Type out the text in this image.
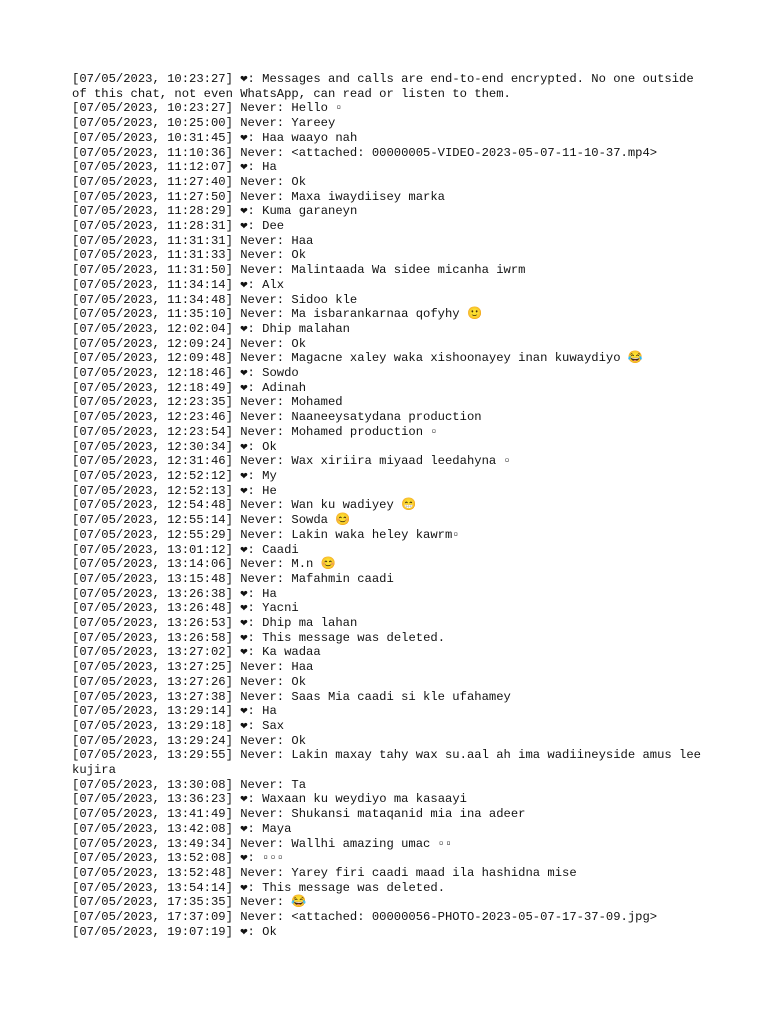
[07/05/2023, 10:23:27] ❤: Messages and calls are end-to-end encrypted. No one outside of this chat, not even WhatsApp, can read or listen to them.

[07/05/2023, 10:23:27] Never: Hello ▫

[07/05/2023, 10:25:00] Never: Yareey

[07/05/2023, 10:31:45] ❤: Haa waayo nah

[07/05/2023, 11:10:36] Never: <attached: 00000005-VIDEO-2023-05-07-11-10-37.mp4>

[07/05/2023, 11:12:07] ❤: Ha

[07/05/2023, 11:27:40] Never: Ok

[07/05/2023, 11:27:50] Never: Maxa iwaydiisey marka

[07/05/2023, 11:28:29] ❤: Kuma garaneyn

[07/05/2023, 11:28:31] ❤: Dee

[07/05/2023, 11:31:31] Never: Haa

[07/05/2023, 11:31:33] Never: Ok

[07/05/2023, 11:31:50] Never: Malintaada Wa sidee micanha iwrm

[07/05/2023, 11:34:14] ❤: Alx

[07/05/2023, 11:34:48] Never: Sidoo kle

[07/05/2023, 11:35:10] Never: Ma isbarankarnaa qofyhy 🙂

[07/05/2023, 12:02:04] ❤: Dhip malahan

[07/05/2023, 12:09:24] Never: Ok

[07/05/2023, 12:09:48] Never: Magacne xaley waka xishoonayey inan kuwaydiyo 😂

[07/05/2023, 12:18:46] ❤: Sowdo

[07/05/2023, 12:18:49] ❤: Adinah

[07/05/2023, 12:23:35] Never: Mohamed

[07/05/2023, 12:23:46] Never: Naaneeysatydana production

[07/05/2023, 12:23:54] Never: Mohamed production ▫

[07/05/2023, 12:30:34] ❤: Ok

[07/05/2023, 12:31:46] Never: Wax xiriira miyaad leedahyna ▫

[07/05/2023, 12:52:12] ❤: My

[07/05/2023, 12:52:13] ❤: He

[07/05/2023, 12:54:48] Never: Wan ku wadiyey 😁

[07/05/2023, 12:55:14] Never: Sowda 😊

[07/05/2023, 12:55:29] Never: Lakin waka heley kawrm▫

[07/05/2023, 13:01:12] ❤: Caadi

[07/05/2023, 13:14:06] Never: M.n 😊

[07/05/2023, 13:15:48] Never: Mafahmin caadi

[07/05/2023, 13:26:38] ❤: Ha

[07/05/2023, 13:26:48] ❤: Yacni

[07/05/2023, 13:26:53] ❤: Dhip ma lahan

[07/05/2023, 13:26:58] ❤: This message was deleted.

[07/05/2023, 13:27:02] ❤: Ka wadaa

[07/05/2023, 13:27:25] Never: Haa

[07/05/2023, 13:27:26] Never: Ok

[07/05/2023, 13:27:38] Never: Saas Mia caadi si kle ufahamey

[07/05/2023, 13:29:14] ❤: Ha

[07/05/2023, 13:29:18] ❤: Sax

[07/05/2023, 13:29:24] Never: Ok

[07/05/2023, 13:29:55] Never: Lakin maxay tahy wax su.aal ah ima wadiineyside amus lee kujira

[07/05/2023, 13:30:08] Never: Ta

[07/05/2023, 13:36:23] ❤: Waxaan ku weydiyo ma kasaayi

[07/05/2023, 13:41:49] Never: Shukansi mataqanid mia ina adeer

[07/05/2023, 13:42:08] ❤: Maya

[07/05/2023, 13:49:34] Never: Wallhi amazing umac ▫▫

[07/05/2023, 13:52:08] ❤: ▫▫▫

[07/05/2023, 13:52:48] Never: Yarey firi caadi maad ila hashidna mise

[07/05/2023, 13:54:14] ❤: This message was deleted.

[07/05/2023, 17:35:35] Never: 😂

[07/05/2023, 17:37:09] Never: <attached: 00000056-PHOTO-2023-05-07-17-37-09.jpg>

[07/05/2023, 19:07:19] ❤: Ok
